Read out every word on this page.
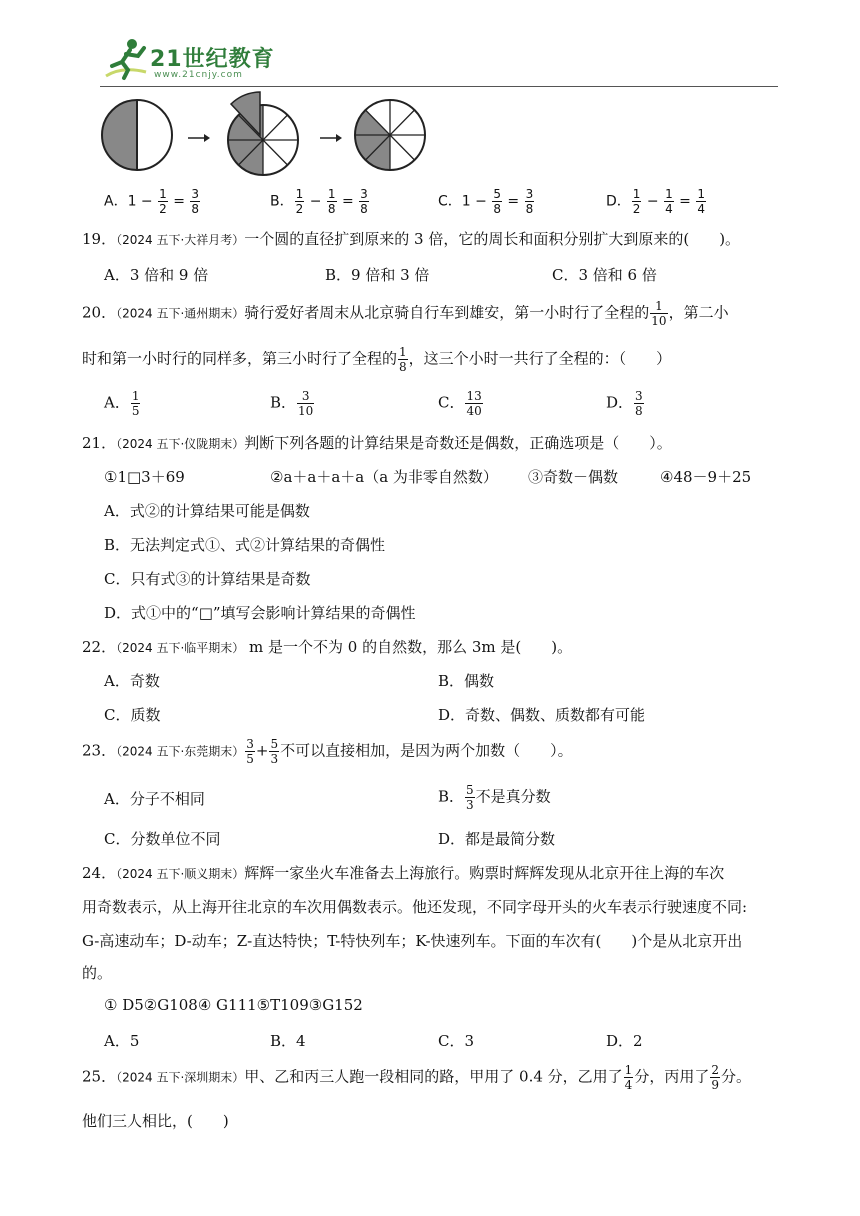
21世纪教育
www.21cnjy.com
A．$1 - \frac{1}{2} = \frac{3}{8}$	B． $\frac{1}{2} - \frac{1}{8} = \frac{3}{8}$	C．$1 - \frac{5}{8} = \frac{3}{8}$	D． $\frac{1}{2} - \frac{1}{4} = \frac{1}{4}$
19．（2024 五下·大祥月考）一个圆的直径扩到原来的 3 倍，它的周长和面积分别扩大到原来的(　　)。
A．3 倍和 9 倍	B．9 倍和 3 倍	C．3 倍和 6 倍
20．（2024 五下·通州期末）骑行爱好者周末从北京骑自行车到雄安，第一小时行了全程的 $\frac{1}{10}$ ，第二小
时和第一小时行的同样多，第三小时行了全程的 $\frac{1}{8}$ ，这三个小时一共行了全程的：（　　）
A． $\frac{1}{5}$	B． $\frac{3}{10}$	C． $\frac{13}{40}$	D． $\frac{3}{8}$
21．（2024 五下·仪陇期末）判断下列各题的计算结果是奇数还是偶数，正确选项是（　　）。
①1□3＋69	②a＋a＋a＋a（a 为非零自然数） ③奇数－偶数	④48－9＋25
A．式②的计算结果可能是偶数
B．无法判定式①、式②计算结果的奇偶性
C．只有式③的计算结果是奇数
D．式①中的“□”填写会影响计算结果的奇偶性
22．（2024 五下·临平期末） m 是一个不为 0 的自然数，那么 3m 是(　　)。
A．奇数	B．偶数
C．质数	D．奇数、偶数、质数都有可能
23．（2024 五下·东莞期末） $\frac{3}{5} + \frac{5}{3}$ 不可以直接相加，是因为两个加数（　　）。
A．分子不相同	B． $\frac{5}{3}$ 不是真分数
C．分数单位不同	D．都是最简分数
24．（2024 五下·顺义期末）辉辉一家坐火车准备去上海旅行。购票时辉辉发现从北京开往上海的车次
用奇数表示，从上海开往北京的车次用偶数表示。他还发现，不同字母开头的火车表示行驶速度不同:
G-高速动车；D-动车；Z-直达特快；T-特快列车；K-快速列车。下面的车次有(　　)个是从北京开出
的。
① D5②G108④ G111⑤T109③G152
A．5	B．4	C．3	D．2
25．（2024 五下·深圳期末）甲、乙和丙三人跑一段相同的路，甲用了 0.4 分，乙用了 $\frac{1}{4}$ 分，丙用了 $\frac{2}{9}$ 分。
他们三人相比，(　　)
